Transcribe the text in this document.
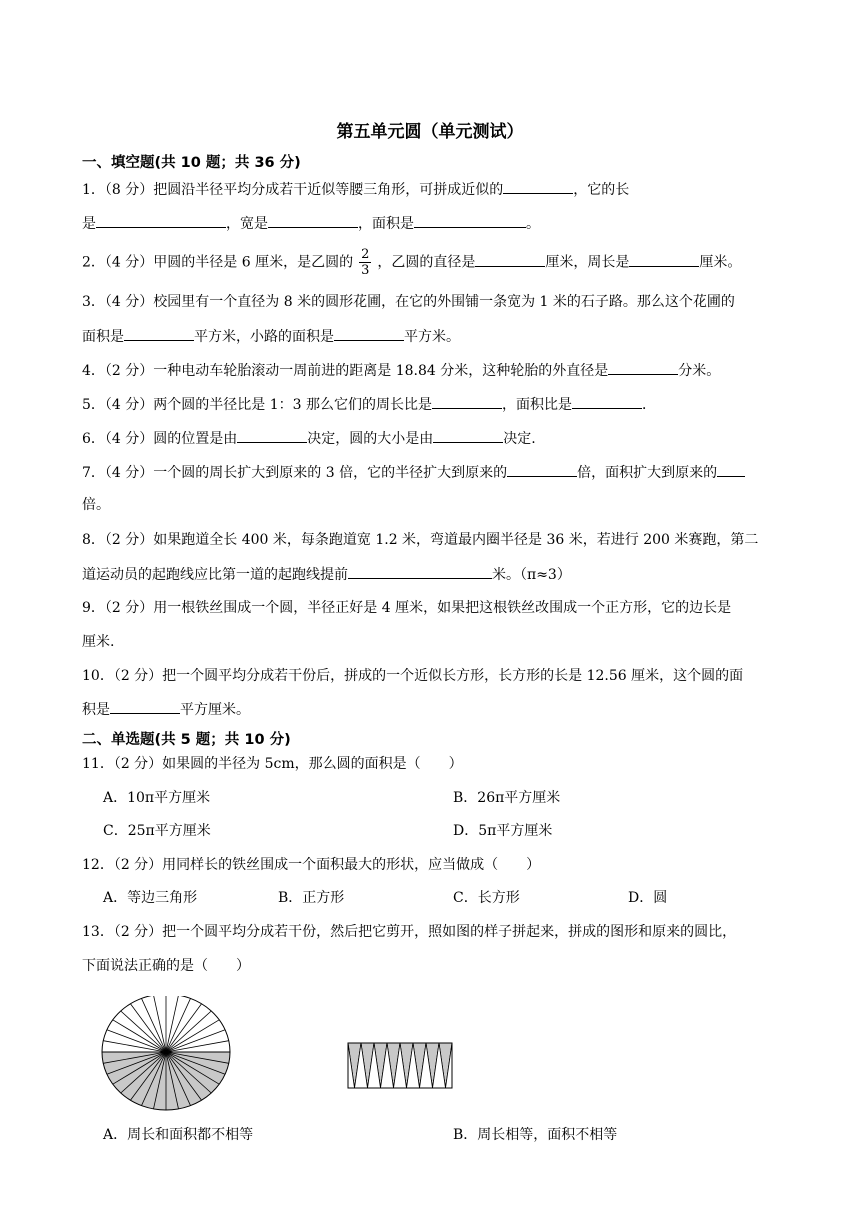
第五单元圆（单元测试）
一、填空题(共 10 题；共 36 分)
1．（8 分）把圆沿半径平均分成若干近似等腰三角形，可拼成近似的	，它的长
是	，宽是	，面积是	。
2．（4 分）甲圆的半径是 6 厘米，是乙圆的 $\frac{2}{3}$ ，乙圆的直径是	厘米，周长是	厘米。
3．（4 分）校园里有一个直径为 8 米的圆形花圃，在它的外围铺一条宽为 1 米的石子路。那么这个花圃的
面积是	平方米，小路的面积是	平方米。
4．（2 分）一种电动车轮胎滚动一周前进的距离是 18.84 分米，这种轮胎的外直径是	分米。
5．（4 分）两个圆的半径比是 1：3 那么它们的周长比是	，面积比是	．
6．（4 分）圆的位置是由	决定，圆的大小是由	决定.
7．（4 分）一个圆的周长扩大到原来的 3 倍，它的半径扩大到原来的	倍，面积扩大到原来的
倍。
8．（2 分）如果跑道全长 400 米，每条跑道宽 1.2 米，弯道最内圈半径是 36 米，若进行 200 米赛跑，第二
道运动员的起跑线应比第一道的起跑线提前	米。（π≈3）
9．（2 分）用一根铁丝围成一个圆，半径正好是 4 厘米，如果把这根铁丝改围成一个正方形，它的边长是
厘米.
10．（2 分）把一个圆平均分成若干份后，拼成的一个近似长方形，长方形的长是 12.56 厘米，这个圆的面
积是	平方厘米。
二、单选题(共 5 题；共 10 分)
11．（2 分）如果圆的半径为 5cm，那么圆的面积是（　　）
A．10π平方厘米	B．26π平方厘米
C．25π平方厘米	D．5π平方厘米
12．（2 分）用同样长的铁丝围成一个面积最大的形状，应当做成（　　）
A．等边三角形	B．正方形	C．长方形	D．圆
13．（2 分）把一个圆平均分成若干份，然后把它剪开，照如图的样子拼起来，拼成的图形和原来的圆比，
下面说法正确的是（　　）
A．周长和面积都不相等	B．周长相等，面积不相等
